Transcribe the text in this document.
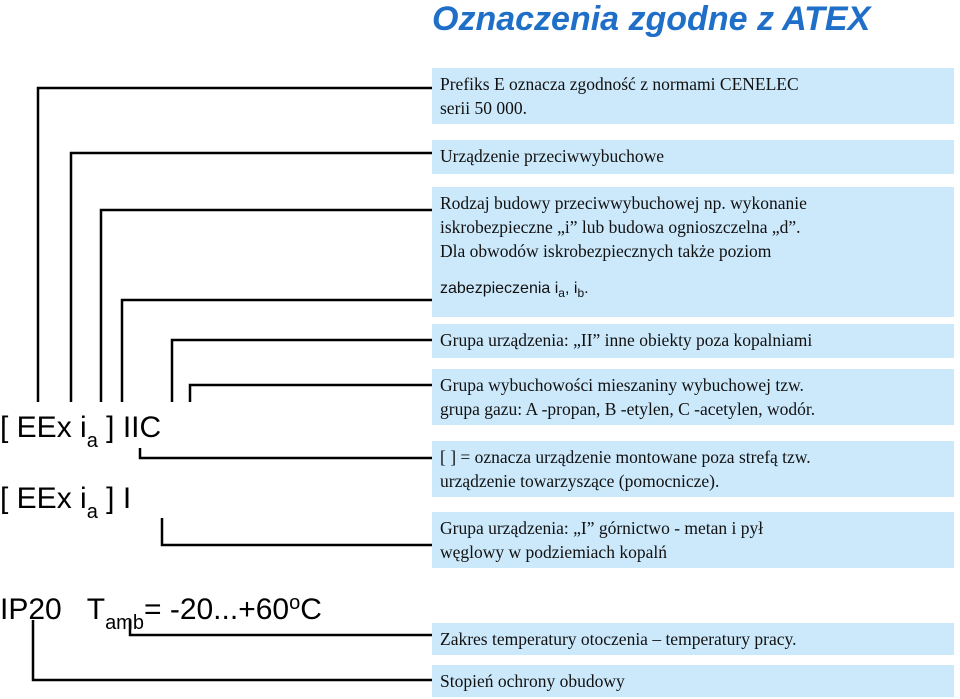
Oznaczenia zgodne z ATEX
[ EEx $i_a$ ] IIC
[ EEx $i_a$ ] I
IP20 $T_{amb}= -20...+60^oC$
Prefiks E oznacza zgodność z normami CENELEC
serii 50 000.
Urządzenie przeciwwybuchowe
Rodzaj budowy przeciwwybuchowej np. wykonanie
iskrobezpieczne „i” lub budowa ognioszczelna „d”.
Dla obwodów iskrobezpiecznych także poziom
zabezpieczenia $i_a$, $i_b$.
Grupa urządzenia: „II” inne obiekty poza kopalniami
Grupa wybuchowości mieszaniny wybuchowej tzw.
grupa gazu: A -propan, B -etylen, C -acetylen, wodór.
[ ] = oznacza urządzenie montowane poza strefą tzw.
urządzenie towarzyszące (pomocnicze).
Grupa urządzenia: „I” górnictwo - metan i pył
węglowy w podziemiach kopalń
Zakres temperatury otoczenia – temperatury pracy.
Stopień ochrony obudowy
